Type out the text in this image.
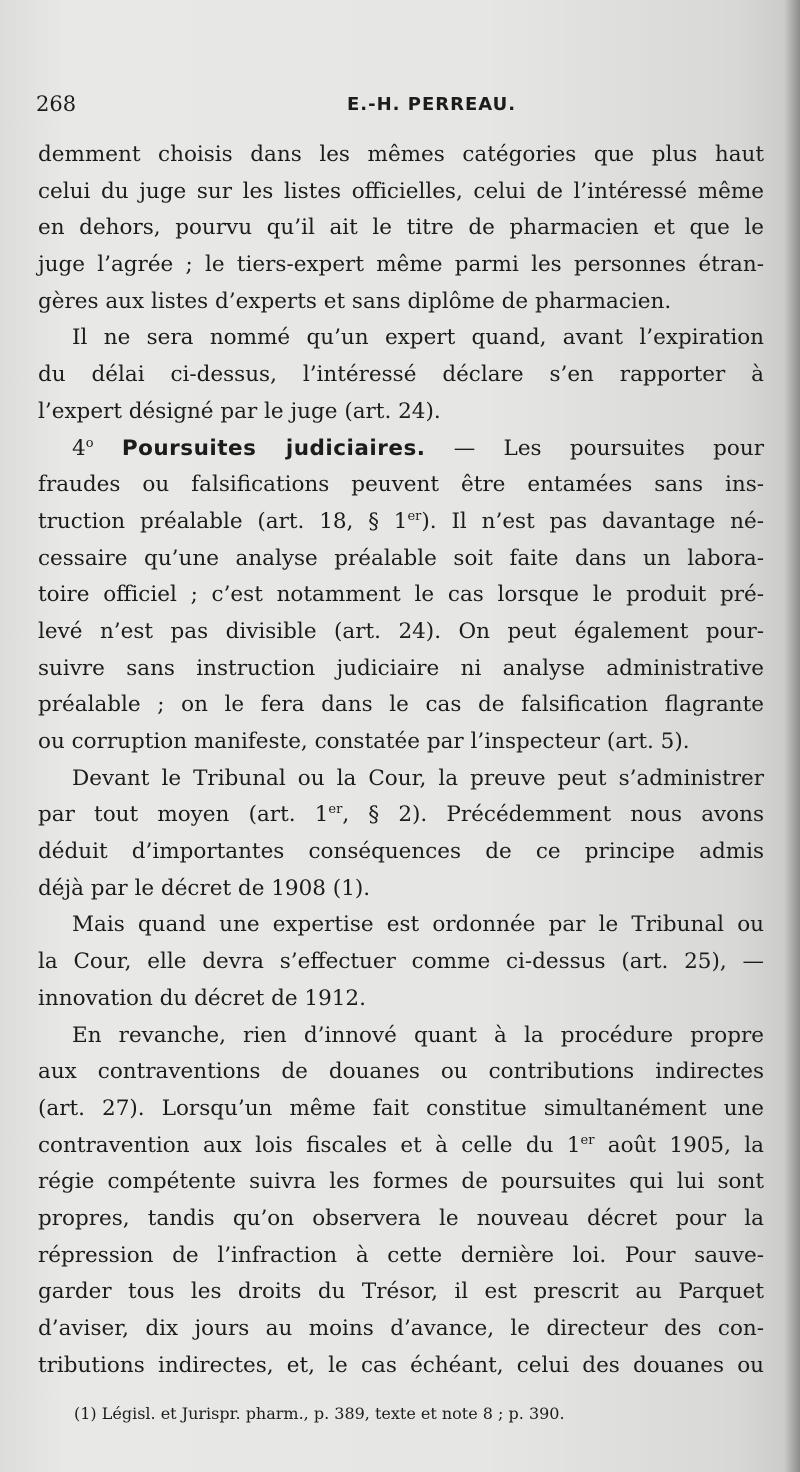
268	E.-H. PERREAU.
demment choisis dans les mêmes catégories que plus haut
celui du juge sur les listes officielles, celui de l’intéressé même
en dehors, pourvu qu’il ait le titre de pharmacien et que le
juge l’agrée ; le tiers-expert même parmi les personnes étran-
gères aux listes d’experts et sans diplôme de pharmacien.
Il ne sera nommé qu’un expert quand, avant l’expiration
du délai ci-dessus, l’intéressé déclare s’en rapporter à
l’expert désigné par le juge (art. 24).
4$^o$ Poursuites judiciaires. — Les poursuites pour
fraudes ou falsifications peuvent être entamées sans ins-
truction préalable (art. 18, § 1er). Il n’est pas davantage né-
cessaire qu’une analyse préalable soit faite dans un labora-
toire officiel ; c’est notamment le cas lorsque le produit pré-
levé n’est pas divisible (art. 24). On peut également pour-
suivre sans instruction judiciaire ni analyse administrative
préalable ; on le fera dans le cas de falsification flagrante
ou corruption manifeste, constatée par l’inspecteur (art. 5).
Devant le Tribunal ou la Cour, la preuve peut s’administrer
par tout moyen (art. 1er, § 2). Précédemment nous avons
déduit d’importantes conséquences de ce principe admis
déjà par le décret de 1908 (1).
Mais quand une expertise est ordonnée par le Tribunal ou
la Cour, elle devra s’effectuer comme ci-dessus (art. 25), —
innovation du décret de 1912.
En revanche, rien d’innové quant à la procédure propre
aux contraventions de douanes ou contributions indirectes
(art. 27). Lorsqu’un même fait constitue simultanément une
contravention aux lois fiscales et à celle du 1er août 1905, la
régie compétente suivra les formes de poursuites qui lui sont
propres, tandis qu’on observera le nouveau décret pour la
répression de l’infraction à cette dernière loi. Pour sauve-
garder tous les droits du Trésor, il est prescrit au Parquet
d’aviser, dix jours au moins d’avance, le directeur des con-
tributions indirectes, et, le cas échéant, celui des douanes ou
(1) Législ. et Jurispr. pharm., p. 389, texte et note 8 ; p. 390.
